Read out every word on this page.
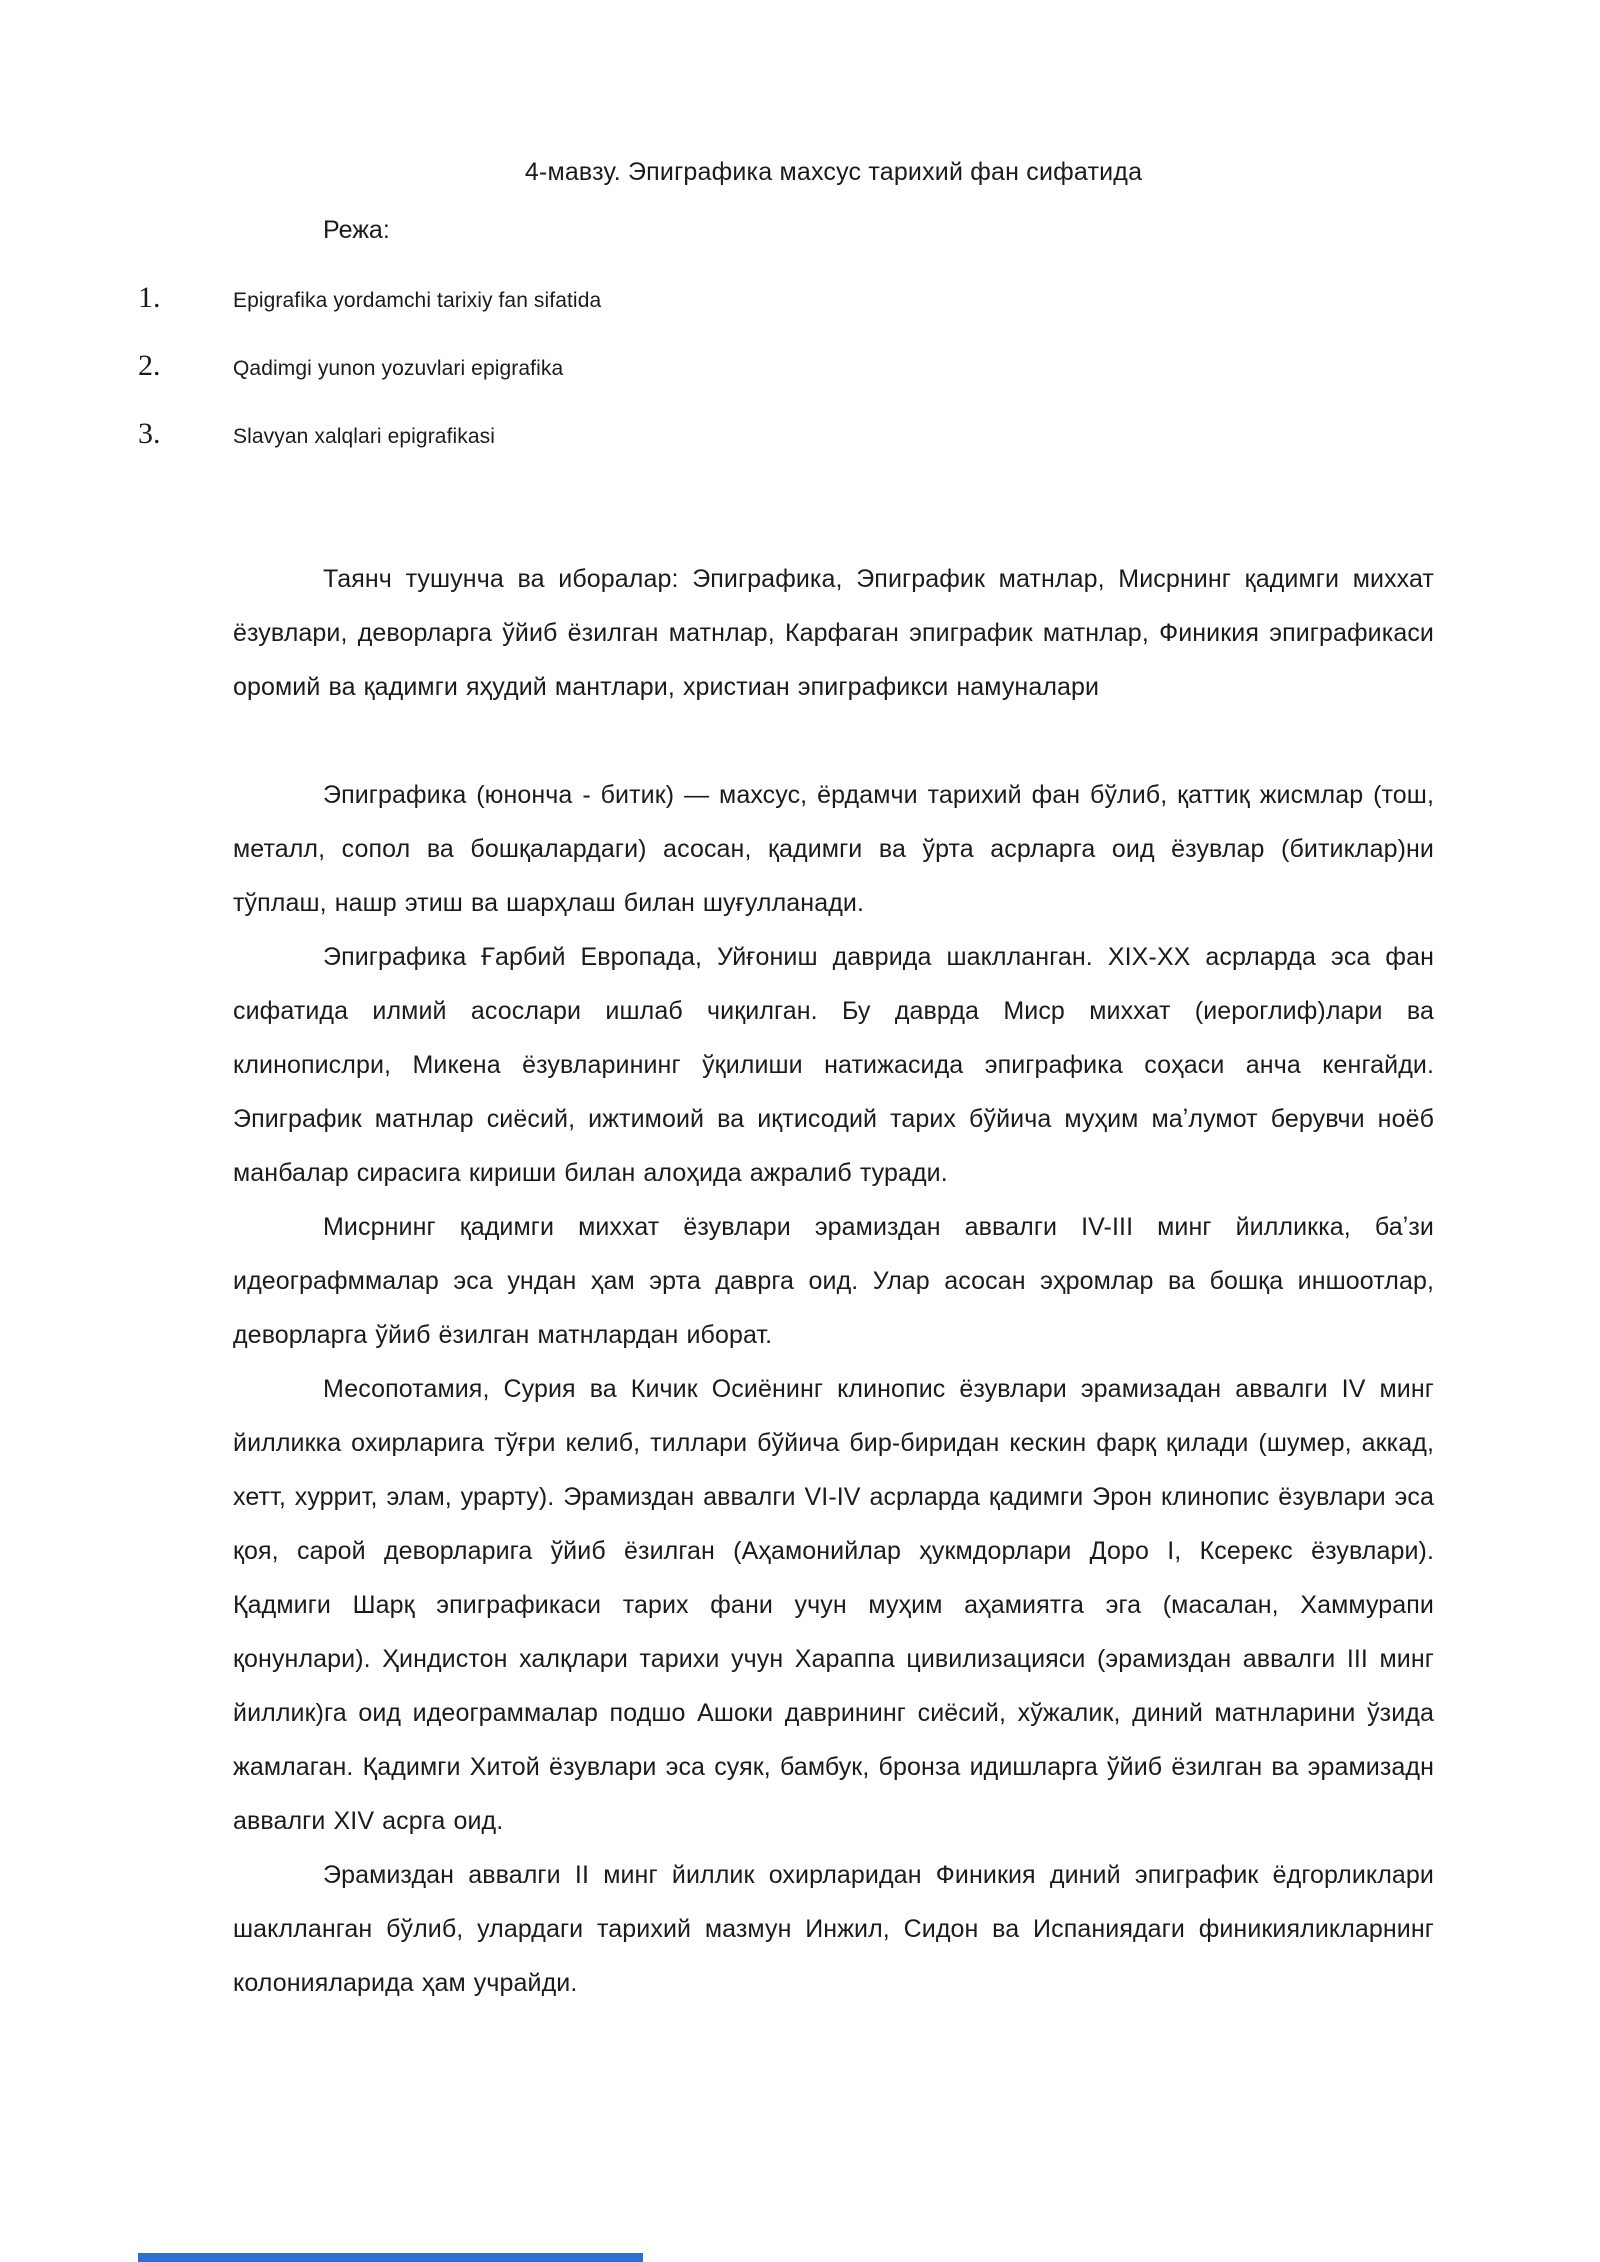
4-мавзу. Эпиграфика махсус тарихий фан сифатида

Режа:

1.	Epigrafika yordamchi tarixiy fan sifatida
2.	Qadimgi yunon yozuvlari epigrafika
3.	Slavyan xalqlari epigrafikasi

Таянч тушунча ва иборалар: Эпиграфика, Эпиграфик матнлар, Мисрнинг қадимги миххат ёзувлари, деворларга ўйиб ёзилган матнлар, Карфаган эпиграфик матнлар, Финикия эпиграфикаси оромий ва қадимги яҳудий мантлари, христиан эпиграфикси намуналари

Эпиграфика (юнонча - битик) — махсус, ёрдамчи тарихий фан бўлиб, қаттиқ жисмлар (тош, металл, сопол ва бошқалардаги) асосан, қадимги ва ўрта асрларга оид ёзувлар (битиклар)ни тўплаш, нашр этиш ва шарҳлаш билан шуғулланади.

Эпиграфика Ғарбий Европада, Уйғониш даврида шаклланган. XIX-XX асрларда эса фан сифатида илмий асослари ишлаб чиқилган. Бу даврда Миср миххат (иероглиф)лари ва клинопислри, Микена ёзувларининг ўқилиши натижасида эпиграфика соҳаси анча кенгайди. Эпиграфик матнлар сиёсий, ижтимоий ва иқтисодий тарих бўйича муҳим маʼлумот берувчи ноёб манбалар сирасига кириши билан алоҳида ажралиб туради.

Мисрнинг қадимги миххат ёзувлари эрамиздан аввалги IV-III минг йилликка, баʼзи идеографммалар эса ундан ҳам эрта даврга оид. Улар асосан эҳромлар ва бошқа иншоотлар, деворларга ўйиб ёзилган матнлардан иборат.

Месопотамия, Сурия ва Кичик Осиёнинг клинопис ёзувлари эрамизадан аввалги IV минг йилликка охирларига тўғри келиб, тиллари бўйича бир-биридан кескин фарқ қилади (шумер, аккад, хетт, хуррит, элам, урарту). Эрамиздан аввалги VI-IV асрларда қадимги Эрон клинопис ёзувлари эса қоя, сарой деворларига ўйиб ёзилган (Аҳамонийлар ҳукмдорлари Доро I, Ксерекс ёзувлари). Қадмиги Шарқ эпиграфикаси тарих фани учун муҳим аҳамиятга эга (масалан, Хаммурапи қонунлари). Ҳиндистон халқлари тарихи учун Хараппа цивилизацияси (эрамиздан аввалги III минг йиллик)га оид идеограммалар подшо Ашоки даврининг сиёсий, хўжалик, диний матнларини ўзида жамлаган. Қадимги Хитой ёзувлари эса суяк, бамбук, бронза идишларга ўйиб ёзилган ва эрамизадн аввалги XIV асрга оид.

Эрамиздан аввалги II минг йиллик охирларидан Финикия диний эпиграфик ёдгорликлари шаклланган бўлиб, улардаги тарихий мазмун Инжил, Сидон ва Испаниядаги финикияликларнинг колонияларида ҳам учрайди.
